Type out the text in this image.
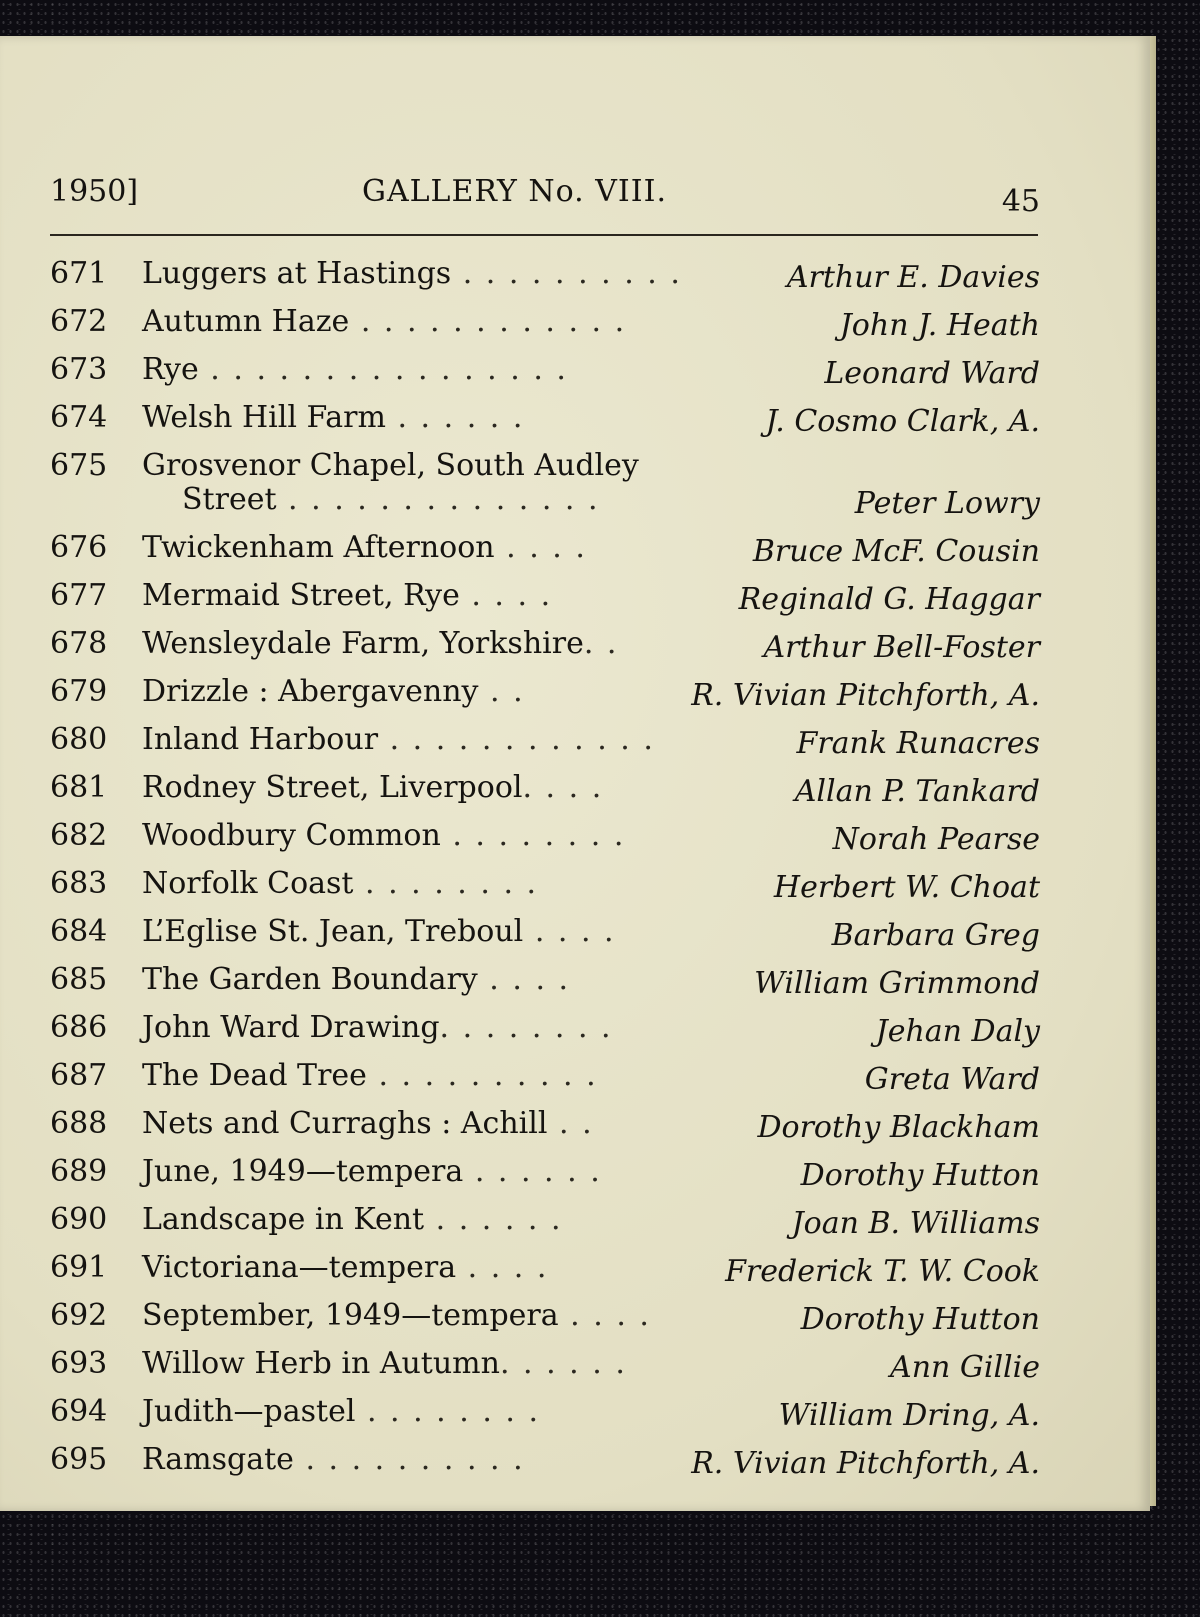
1950]	GALLERY No. VIII.	45
671	Luggers at Hastings . . . . . . . . . .	Arthur E. Davies
672	Autumn Haze . . . . . . . . . . . .	John J. Heath
673	Rye . . . . . . . . . . . . . . . .	Leonard Ward
674	Welsh Hill Farm . . . . . .	J. Cosmo Clark, A.
675	Grosvenor Chapel, South Audley
Street . . . . . . . . . . . . . .	Peter Lowry
676	Twickenham Afternoon . . . .	Bruce McF. Cousin
677	Mermaid Street, Rye . . . .	Reginald G. Haggar
678	Wensleydale Farm, Yorkshire. .	Arthur Bell-Foster
679	Drizzle : Abergavenny . .	R. Vivian Pitchforth, A.
680	Inland Harbour . . . . . . . . . . . .	Frank Runacres
681	Rodney Street, Liverpool. . . .	Allan P. Tankard
682	Woodbury Common . . . . . . . .	Norah Pearse
683	Norfolk Coast . . . . . . . .	Herbert W. Choat
684	L’Eglise St. Jean, Treboul . . . .	Barbara Greg
685	The Garden Boundary . . . .	William Grimmond
686	John Ward Drawing. . . . . . . .	Jehan Daly
687	The Dead Tree . . . . . . . . . .	Greta Ward
688	Nets and Curraghs : Achill . .	Dorothy Blackham
689	June, 1949—tempera . . . . . .	Dorothy Hutton
690	Landscape in Kent . . . . . .	Joan B. Williams
691	Victoriana—tempera . . . .	Frederick T. W. Cook
692	September, 1949—tempera . . . .	Dorothy Hutton
693	Willow Herb in Autumn. . . . . .	Ann Gillie
694	Judith—pastel . . . . . . . .	William Dring, A.
695	Ramsgate . . . . . . . . . .	R. Vivian Pitchforth, A.
